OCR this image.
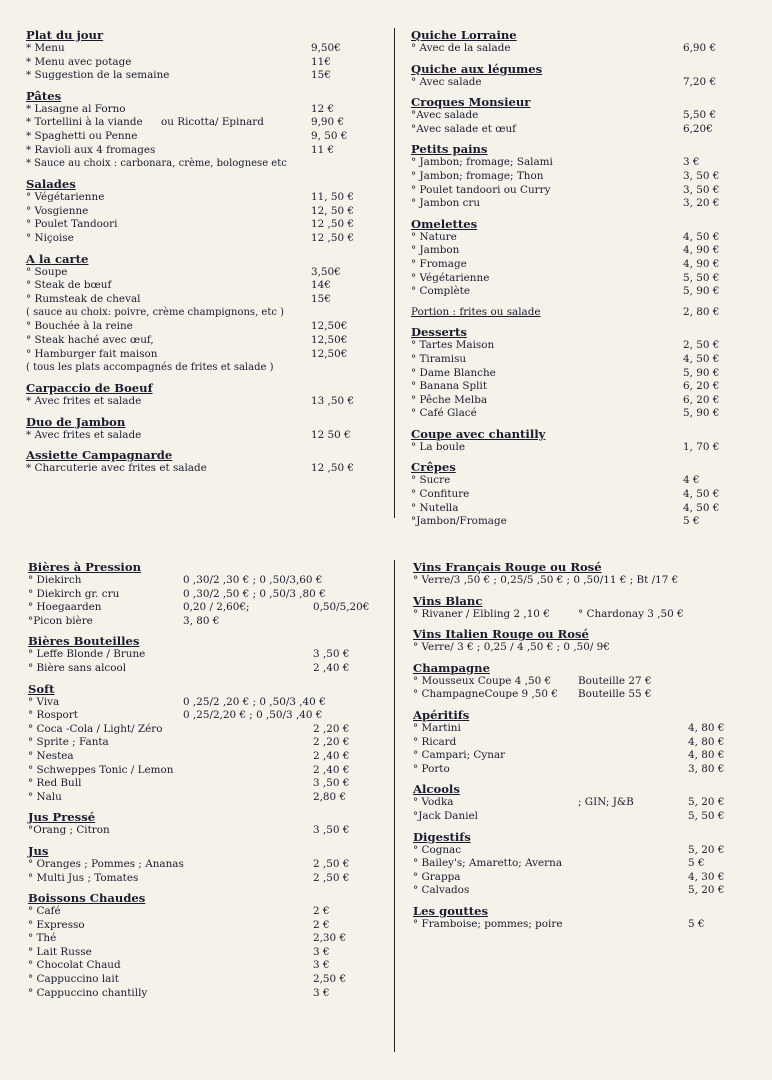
Plat du jour
* Menu	9,50€
* Menu avec potage	11€
* Suggestion de la semaine	15€
Pâtes
* Lasagne al Forno	12 €
* Tortellini à la viande ou Ricotta/ Epinard	9,90 €
* Spaghetti ou Penne	9, 50 €
* Ravioli aux 4 fromages	11 €
* Sauce au choix : carbonara, crème, bolognese etc
Salades
° Végétarienne	11, 50 €
° Vosgienne	12, 50 €
° Poulet Tandoori	12 ,50 €
° Niçoise	12 ,50 €
A la carte
° Soupe	3,50€
° Steak de bœuf	14€
° Rumsteak de cheval	15€
( sauce au choix: poivre, crème champignons, etc )
° Bouchée à la reine	12,50€
° Steak haché avec œuf,	12,50€
° Hamburger fait maison	12,50€
( tous les plats accompagnés de frites et salade )
Carpaccio de Boeuf
* Avec frites et salade	13 ,50 €
Duo de Jambon
* Avec frites et salade	12 50 €
Assiette Campagnarde
* Charcuterie avec frites et salade	12 ,50 €
Quiche Lorraine
° Avec de la salade	6,90 €
Quiche aux légumes
° Avec salade	7,20 €
Croques Monsieur
°Avec salade	5,50 €
°Avec salade et œuf	6,20€
Petits pains
° Jambon; fromage; Salami	3 €
° Jambon; fromage; Thon	3, 50 €
° Poulet tandoori ou Curry	3, 50 €
° Jambon cru	3, 20 €
Omelettes
° Nature	4, 50 €
° Jambon	4, 90 €
° Fromage	4, 90 €
° Végétarienne	5, 50 €
° Complète	5, 90 €
Portion : frites ou salade	2, 80 €
Desserts
° Tartes Maison	2, 50 €
° Tiramisu	4, 50 €
° Dame Blanche	5, 90 €
° Banana Split	6, 20 €
° Pêche Melba	6, 20 €
° Café Glacé	5, 90 €
Coupe avec chantilly
° La boule	1, 70 €
Crêpes
° Sucre	4 €
° Confiture	4, 50 €
° Nutella	4, 50 €
°Jambon/Fromage	5 €
Bières à Pression
° Diekirch	0 ,30/2 ,30 € ; 0 ,50/3,60 €
° Diekirch gr. cru	0 ,30/2 ,50 € ; 0 ,50/3 ,80 €
° Hoegaarden	0,20 / 2,60€;	0,50/5,20€
°Picon bière	3, 80 €
Bières Bouteilles
° Leffe Blonde / Brune	3 ,50 €
° Bière sans alcool	2 ,40 €
Soft
° Viva	0 ,25/2 ,20 € ; 0 ,50/3 ,40 €
° Rosport	0 ,25/2,20 € ; 0 ,50/3 ,40 €
° Coca -Cola / Light/ Zéro	2 ,20 €
° Sprite ; Fanta	2 ,20 €
° Nestea	2 ,40 €
° Schweppes Tonic / Lemon	2 ,40 €
° Red Bull	3 ,50 €
° Nalu	2,80 €
Jus Pressé
°Orang ; Citron	3 ,50 €
Jus
° Oranges ; Pommes ; Ananas	2 ,50 €
° Multi Jus ; Tomates	2 ,50 €
Boissons Chaudes
° Café	2 €
° Expresso	2 €
° Thé	2,30 €
° Lait Russe	3 €
° Chocolat Chaud	3 €
° Cappuccino lait	2,50 €
° Cappuccino chantilly	3 €
Vins Français Rouge ou Rosé
° Verre/3 ,50 € ; 0,25/5 ,50 € ; 0 ,50/11 € ; Bt /17 €
Vins Blanc
° Rivaner / Elbling 2 ,10 €	° Chardonay 3 ,50 €
Vins Italien Rouge ou Rosé
° Verre/ 3 € ; 0,25 / 4 ,50 € ; 0 ,50/ 9€
Champagne
° Mousseux Coupe 4 ,50 €	Bouteille 27 €
° ChampagneCoupe 9 ,50 € Bouteille 55 €
Apéritifs
° Martini	4, 80 €
° Ricard	4, 80 €
° Campari; Cynar	4, 80 €
° Porto	3, 80 €
Alcools
° Vodka	; GIN; J&B	5, 20 €
°Jack Daniel	5, 50 €
Digestifs
° Cognac	5, 20 €
° Bailey's; Amaretto; Averna	5 €
° Grappa	4, 30 €
° Calvados	5, 20 €
Les gouttes
° Framboise; pommes; poire	5 €
